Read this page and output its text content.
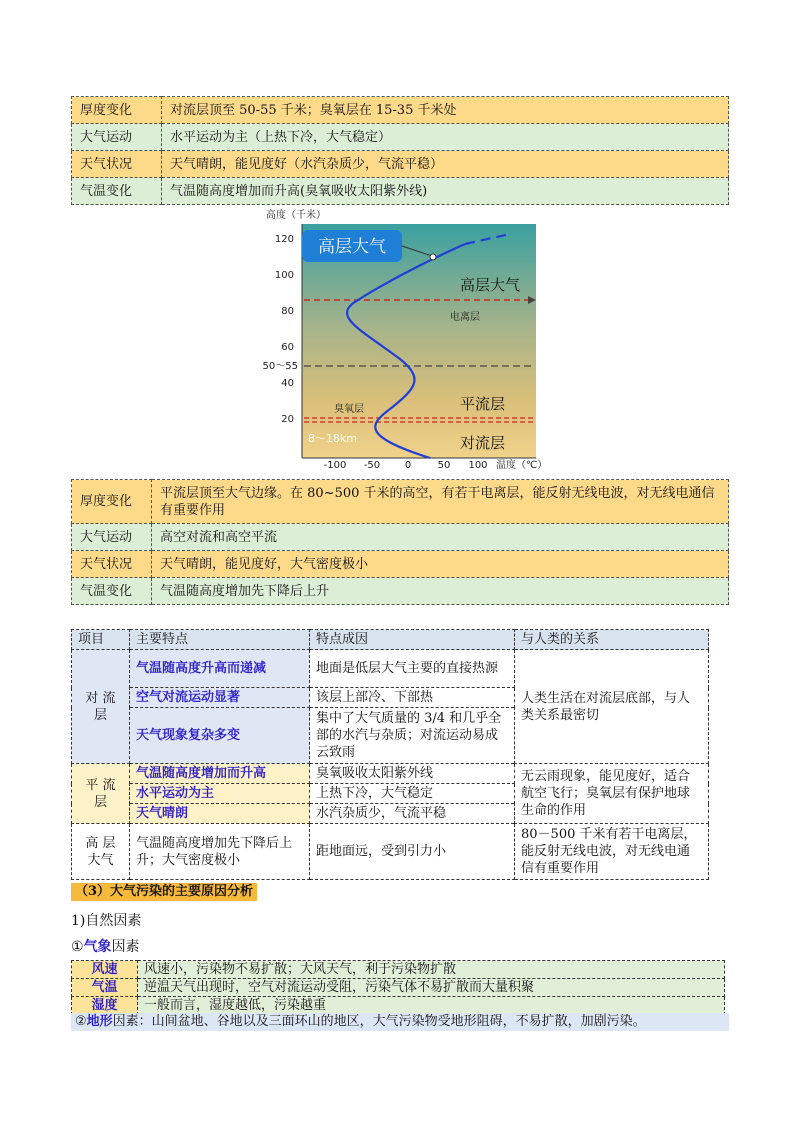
厚度变化	对流层顶至 50-55 千米；臭氧层在 15-35 千米处
大气运动	水平运动为主（上热下冷，大气稳定）
天气状况	天气晴朗，能见度好（水汽杂质少，气流平稳）
气温变化	气温随高度增加而升高(臭氧吸收太阳紫外线)
高度（千米）
120
100
80
60
50～55
40
20
-100 -50 0	50 100 温度（℃）
高层大气
高层大气
电离层
平流层
臭氧层
8～18km	对流层
厚度变化	平流层顶至大气边缘。在 80~500 千米的高空，有若干电离层，能反射无线电波，对无线电通信有重要作用
大气运动	高空对流和高空平流
天气状况	天气晴朗，能见度好，大气密度极小
气温变化	气温随高度增加先下降后上升
项目	主要特点	特点成因	与人类的关系
对 流 层	气温随高度升高而递减	地面是低层大气主要的直接热源	人类生活在对流层底部，与人类关系最密切
	空气对流运动显著	该层上部冷、下部热	
	天气现象复杂多变	集中了大气质量的 3/4 和几乎全部的水汽与杂质；对流运动易成云致雨	
平 流 层	气温随高度增加而升高	臭氧吸收太阳紫外线	无云雨现象，能见度好，适合航空飞行；臭氧层有保护地球生命的作用
	水平运动为主	上热下冷，大气稳定	
	天气晴朗	水汽杂质少，气流平稳	
高 层 大气	气温随高度增加先下降后上升；大气密度极小	距地面远，受到引力小	80－500 千米有若干电离层，能反射无线电波，对无线电通信有重要作用
（3）大气污染的主要原因分析
1)自然因素
①气象因素
风速	风速小，污染物不易扩散；大风天气，利于污染物扩散
气温	逆温天气出现时，空气对流运动受阻，污染气体不易扩散而大量积聚
湿度	一般而言，湿度越低，污染越重
②地形因素：山间盆地、谷地以及三面环山的地区，大气污染物受地形阻碍，不易扩散，加剧污染。
